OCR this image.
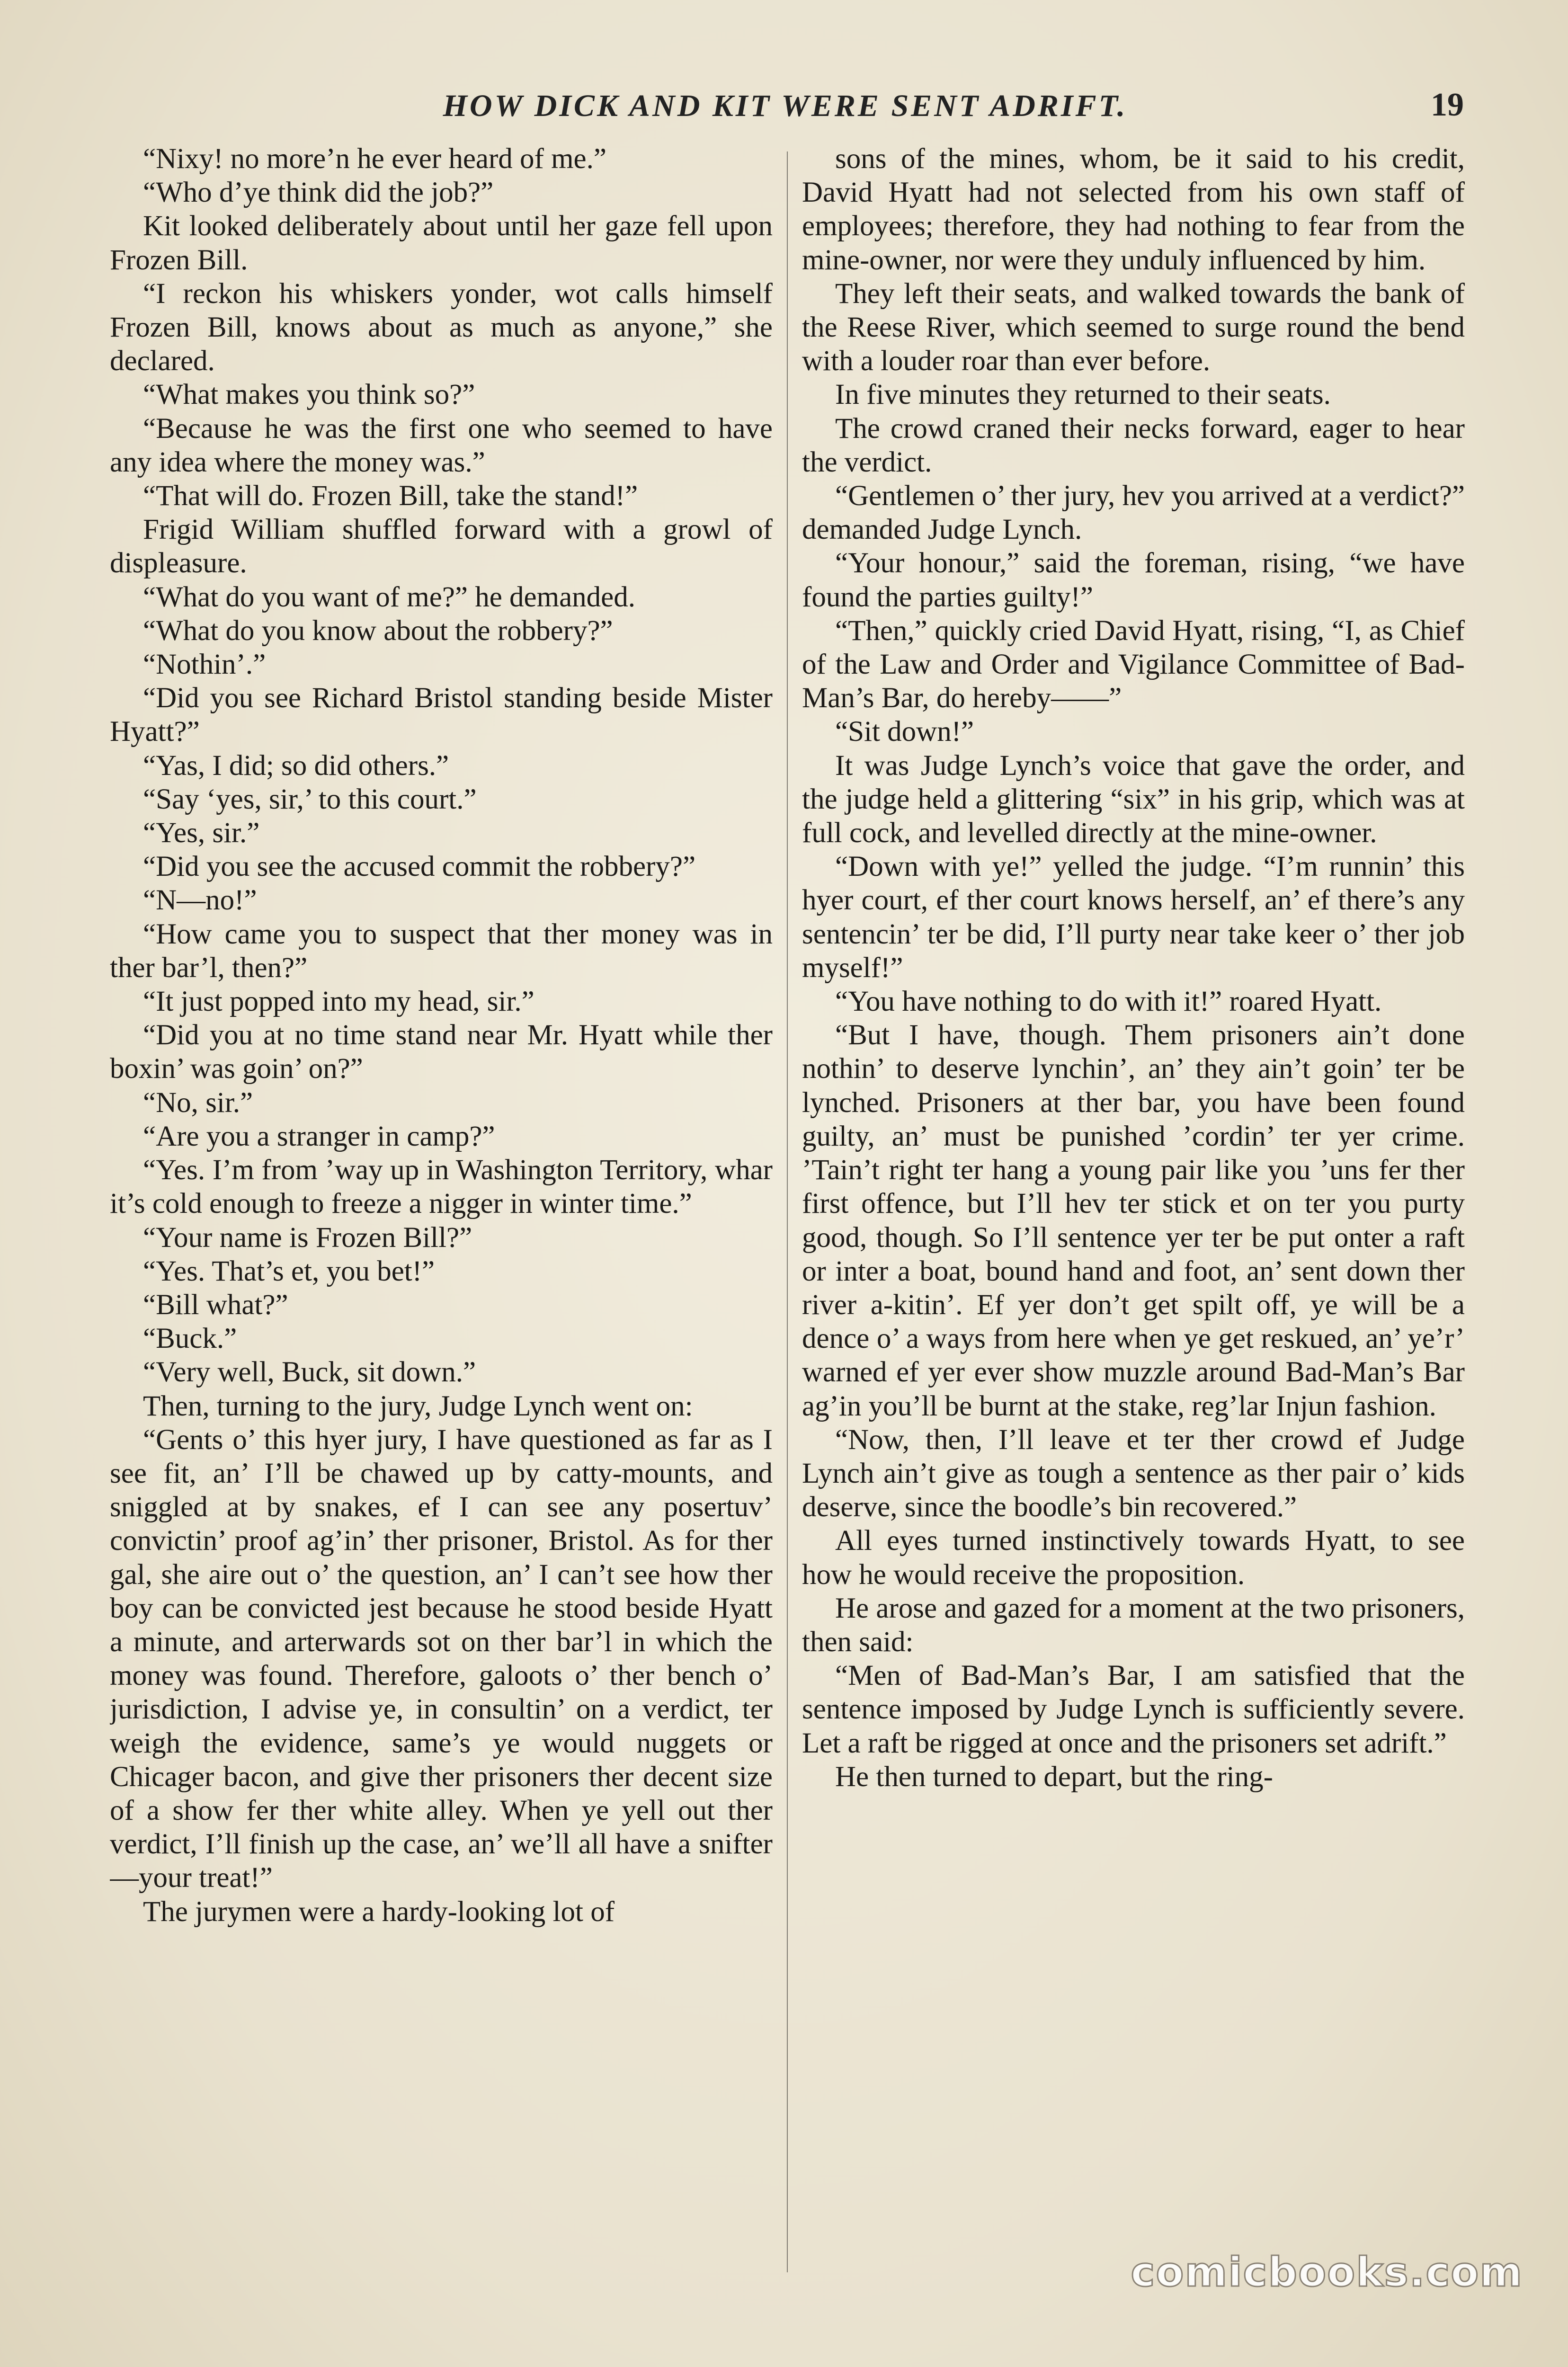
HOW DICK AND KIT WERE SENT ADRIFT.	19

“Nixy! no more’n he ever heard of me.”

“Who d’ye think did the job?”

Kit looked deliberately about until her gaze fell upon Frozen Bill.

“I reckon his whiskers yonder, wot calls himself Frozen Bill, knows about as much as anyone,” she declared.

“What makes you think so?”

“Because he was the first one who seemed to have any idea where the money was.”

“That will do. Frozen Bill, take the stand!”

Frigid William shuffled forward with a growl of displeasure.

“What do you want of me?” he demanded.

“What do you know about the robbery?”

“Nothin’.”

“Did you see Richard Bristol standing beside Mister Hyatt?”

“Yas, I did; so did others.”

“Say ‘yes, sir,’ to this court.”

“Yes, sir.”

“Did you see the accused commit the robbery?”

“N—no!”

“How came you to suspect that ther money was in ther bar’l, then?”

“It just popped into my head, sir.”

“Did you at no time stand near Mr. Hyatt while ther boxin’ was goin’ on?”

“No, sir.”

“Are you a stranger in camp?”

“Yes. I’m from ’way up in Washington Territory, whar it’s cold enough to freeze a nigger in winter time.”

“Your name is Frozen Bill?”

“Yes. That’s et, you bet!”

“Bill what?”

“Buck.”

“Very well, Buck, sit down.”

Then, turning to the jury, Judge Lynch went on:

“Gents o’ this hyer jury, I have questioned as far as I see fit, an’ I’ll be chawed up by catty-mounts, and sniggled at by snakes, ef I can see any posertuv’ convictin’ proof ag’in’ ther prisoner, Bristol. As for ther gal, she aire out o’ the question, an’ I can’t see how ther boy can be convicted jest because he stood beside Hyatt a minute, and arterwards sot on ther bar’l in which the money was found. Therefore, galoots o’ ther bench o’ jurisdiction, I advise ye, in consultin’ on a verdict, ter weigh the evidence, same’s ye would nuggets or Chicager bacon, and give ther prisoners ther decent size of a show fer ther white alley. When ye yell out ther verdict, I’ll finish up the case, an’ we’ll all have a snifter—your treat!”

The jurymen were a hardy-looking lot of

sons of the mines, whom, be it said to his credit, David Hyatt had not selected from his own staff of employees; therefore, they had nothing to fear from the mine-owner, nor were they unduly influenced by him.

They left their seats, and walked towards the bank of the Reese River, which seemed to surge round the bend with a louder roar than ever before.

In five minutes they returned to their seats.

The crowd craned their necks forward, eager to hear the verdict.

“Gentlemen o’ ther jury, hev you arrived at a verdict?” demanded Judge Lynch.

“Your honour,” said the foreman, rising, “we have found the parties guilty!”

“Then,” quickly cried David Hyatt, rising, “I, as Chief of the Law and Order and Vigilance Committee of Bad-Man’s Bar, do hereby——”

“Sit down!”

It was Judge Lynch’s voice that gave the order, and the judge held a glittering “six” in his grip, which was at full cock, and levelled directly at the mine-owner.

“Down with ye!” yelled the judge. “I’m runnin’ this hyer court, ef ther court knows herself, an’ ef there’s any sentencin’ ter be did, I’ll purty near take keer o’ ther job myself!”

“You have nothing to do with it!” roared Hyatt.

“But I have, though. Them prisoners ain’t done nothin’ to deserve lynchin’, an’ they ain’t goin’ ter be lynched. Prisoners at ther bar, you have been found guilty, an’ must be punished ’cordin’ ter yer crime. ’Tain’t right ter hang a young pair like you ’uns fer ther first offence, but I’ll hev ter stick et on ter you purty good, though. So I’ll sentence yer ter be put onter a raft or inter a boat, bound hand and foot, an’ sent down ther river a-kitin’. Ef yer don’t get spilt off, ye will be a dence o’ a ways from here when ye get reskued, an’ ye’r’ warned ef yer ever show muzzle around Bad-Man’s Bar ag’in you’ll be burnt at the stake, reg’lar Injun fashion.

“Now, then, I’ll leave et ter ther crowd ef Judge Lynch ain’t give as tough a sentence as ther pair o’ kids deserve, since the boodle’s bin recovered.”

All eyes turned instinctively towards Hyatt, to see how he would receive the proposition.

He arose and gazed for a moment at the two prisoners, then said:

“Men of Bad-Man’s Bar, I am satisfied that the sentence imposed by Judge Lynch is sufficiently severe. Let a raft be rigged at once and the prisoners set adrift.”

He then turned to depart, but the ring-

comicbooks.com
